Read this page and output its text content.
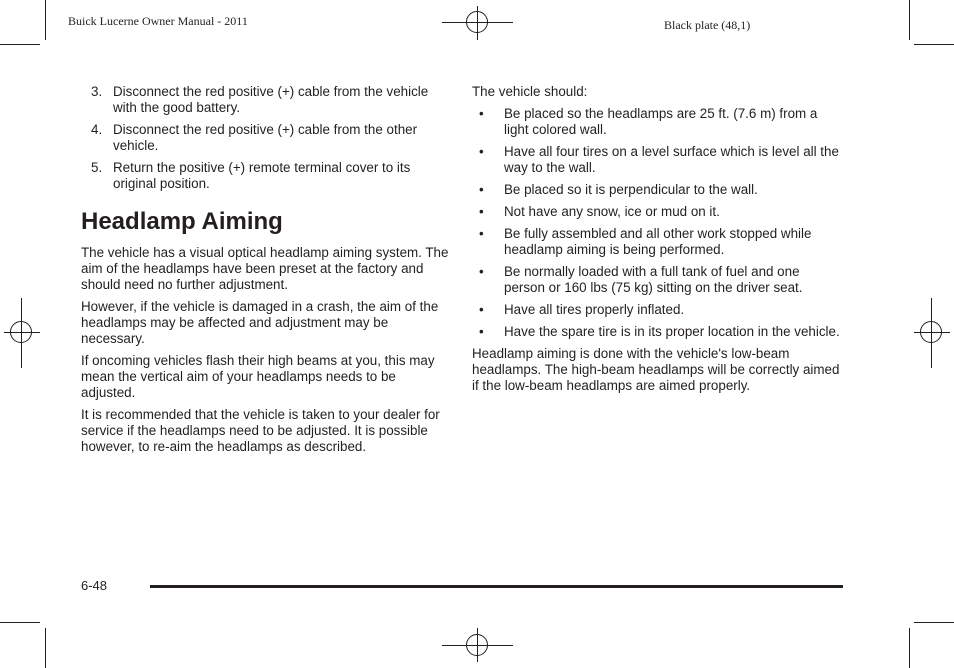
Buick Lucerne Owner Manual - 2011	Black plate (48,1)
3. Disconnect the red positive (+) cable from the vehicle with the good battery.
4. Disconnect the red positive (+) cable from the other vehicle.
5. Return the positive (+) remote terminal cover to its original position.
Headlamp Aiming

The vehicle has a visual optical headlamp aiming system. The aim of the headlamps have been preset at the factory and should need no further adjustment.

However, if the vehicle is damaged in a crash, the aim of the headlamps may be affected and adjustment may be necessary.

If oncoming vehicles flash their high beams at you, this may mean the vertical aim of your headlamps needs to be adjusted.

It is recommended that the vehicle is taken to your dealer for service if the headlamps need to be adjusted. It is possible however, to re-aim the headlamps as described.

The vehicle should:

• Be placed so the headlamps are 25 ft. (7.6 m) from a light colored wall.
• Have all four tires on a level surface which is level all the way to the wall.
• Be placed so it is perpendicular to the wall.
• Not have any snow, ice or mud on it.
• Be fully assembled and all other work stopped while headlamp aiming is being performed.
• Be normally loaded with a full tank of fuel and one person or 160 lbs (75 kg) sitting on the driver seat.
• Have all tires properly inflated.
• Have the spare tire is in its proper location in the vehicle.

Headlamp aiming is done with the vehicle's low-beam headlamps. The high-beam headlamps will be correctly aimed if the low-beam headlamps are aimed properly.

6-48
